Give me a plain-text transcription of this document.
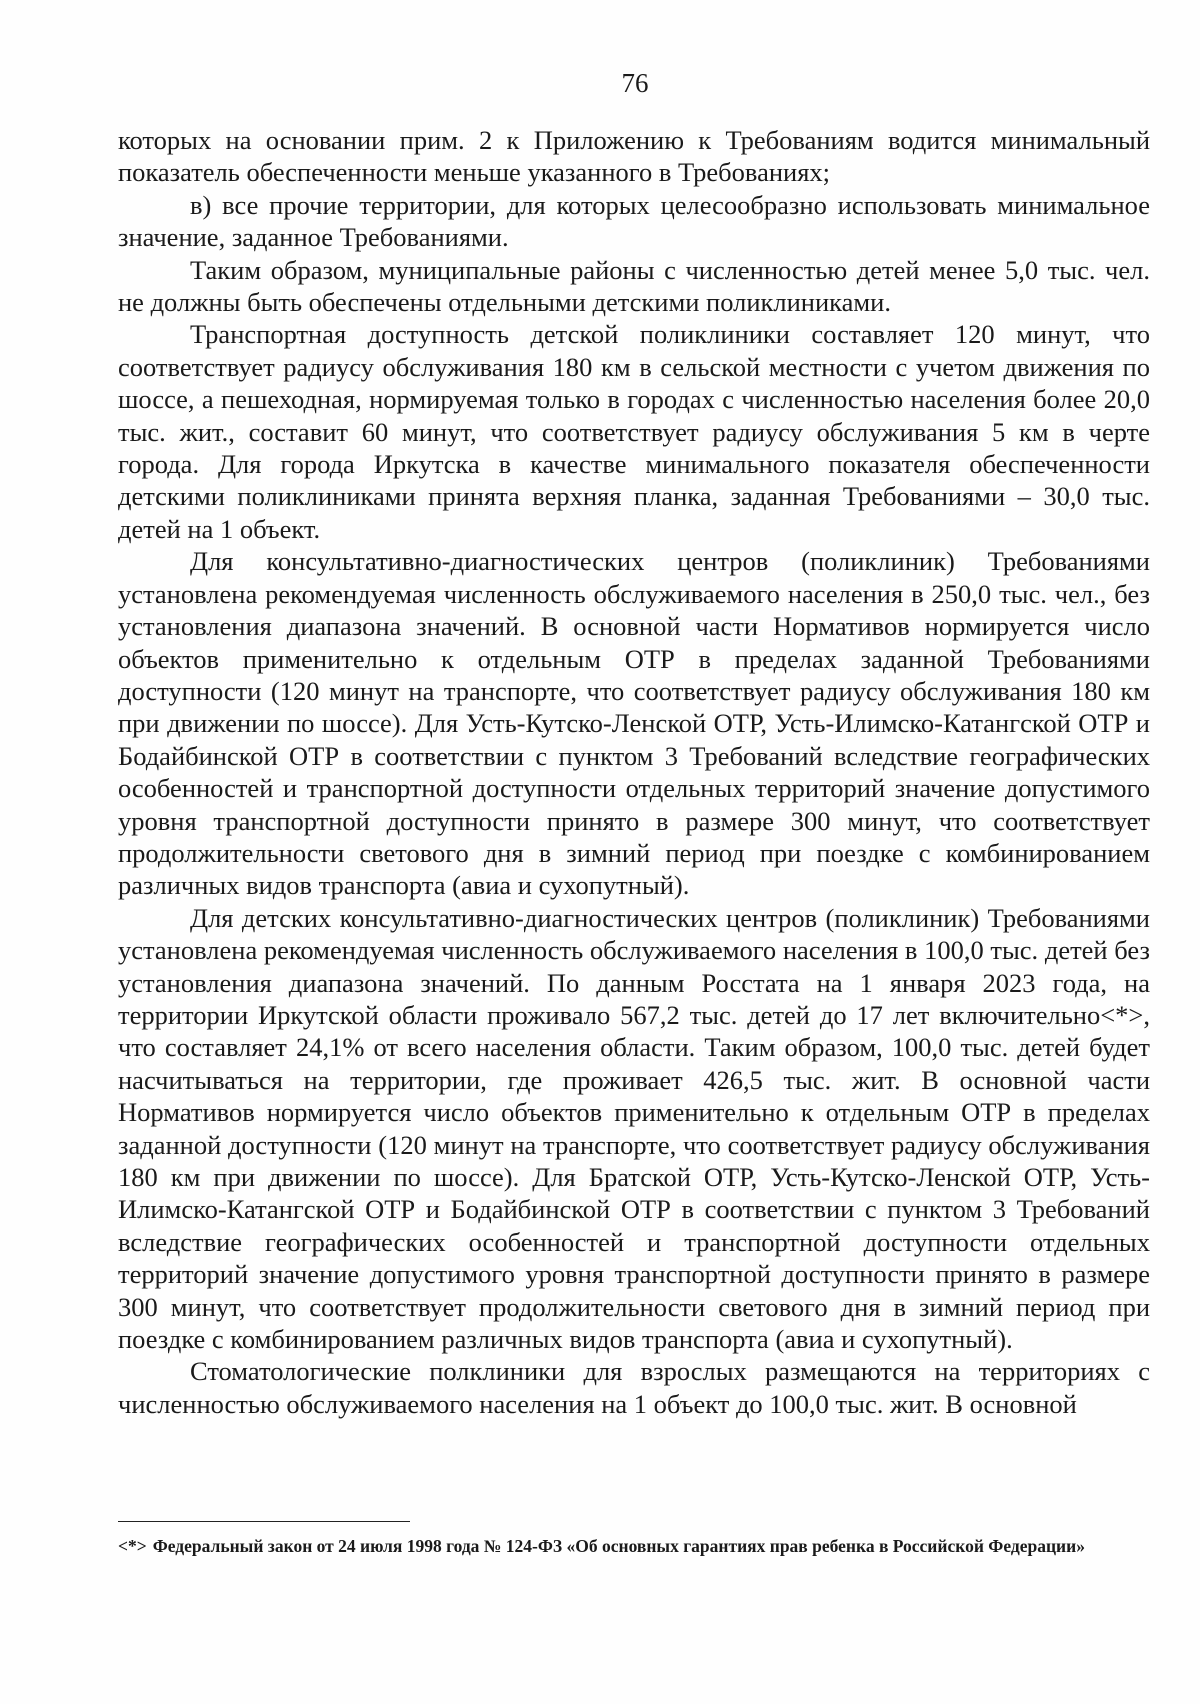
76

которых на основании прим. 2 к Приложению к Требованиям водится минимальный показатель обеспеченности меньше указанного в Требованиях;

в) все прочие территории, для которых целесообразно использовать минимальное значение, заданное Требованиями.

Таким образом, муниципальные районы с численностью детей менее 5,0 тыс. чел. не должны быть обеспечены отдельными детскими поликлиниками.

Транспортная доступность детской поликлиники составляет 120 минут, что соответствует радиусу обслуживания 180 км в сельской местности с учетом движения по шоссе, а пешеходная, нормируемая только в городах с численностью населения более 20,0 тыс. жит., составит 60 минут, что соответствует радиусу обслуживания 5 км в черте города. Для города Иркутска в качестве минимального показателя обеспеченности детскими поликлиниками принята верхняя планка, заданная Требованиями – 30,0 тыс. детей на 1 объект.

Для консультативно-диагностических центров (поликлиник) Требованиями установлена рекомендуемая численность обслуживаемого населения в 250,0 тыс. чел., без установления диапазона значений. В основной части Нормативов нормируется число объектов применительно к отдельным ОТР в пределах заданной Требованиями доступности (120 минут на транспорте, что соответствует радиусу обслуживания 180 км при движении по шоссе). Для Усть-Кутско-Ленской ОТР, Усть-Илимско-Катангской ОТР и Бодайбинской ОТР в соответствии с пунктом 3 Требований вследствие географических особенностей и транспортной доступности отдельных территорий значение допустимого уровня транспортной доступности принято в размере 300 минут, что соответствует продолжительности светового дня в зимний период при поездке с комбинированием различных видов транспорта (авиа и сухопутный).

Для детских консультативно-диагностических центров (поликлиник) Требованиями установлена рекомендуемая численность обслуживаемого населения в 100,0 тыс. детей без установления диапазона значений. По данным Росстата на 1 января 2023 года, на территории Иркутской области проживало 567,2 тыс. детей до 17 лет включительно<*>, что составляет 24,1% от всего населения области. Таким образом, 100,0 тыс. детей будет насчитываться на территории, где проживает 426,5 тыс. жит. В основной части Нормативов нормируется число объектов применительно к отдельным ОТР в пределах заданной доступности (120 минут на транспорте, что соответствует радиусу обслуживания 180 км при движении по шоссе). Для Братской ОТР, Усть-Кутско-Ленской ОТР, Усть-Илимско-Катангской ОТР и Бодайбинской ОТР в соответствии с пунктом 3 Требований вследствие географических особенностей и транспортной доступности отдельных территорий значение допустимого уровня транспортной доступности принято в размере 300 минут, что соответствует продолжительности светового дня в зимний период при поездке с комбинированием различных видов транспорта (авиа и сухопутный).

Стоматологические полклиники для взрослых размещаются на территориях с численностью обслуживаемого населения на 1 объект до 100,0 тыс. жит. В основной

<*> Федеральный закон от 24 июля 1998 года № 124-ФЗ «Об основных гарантиях прав ребенка в Российской Федерации»
